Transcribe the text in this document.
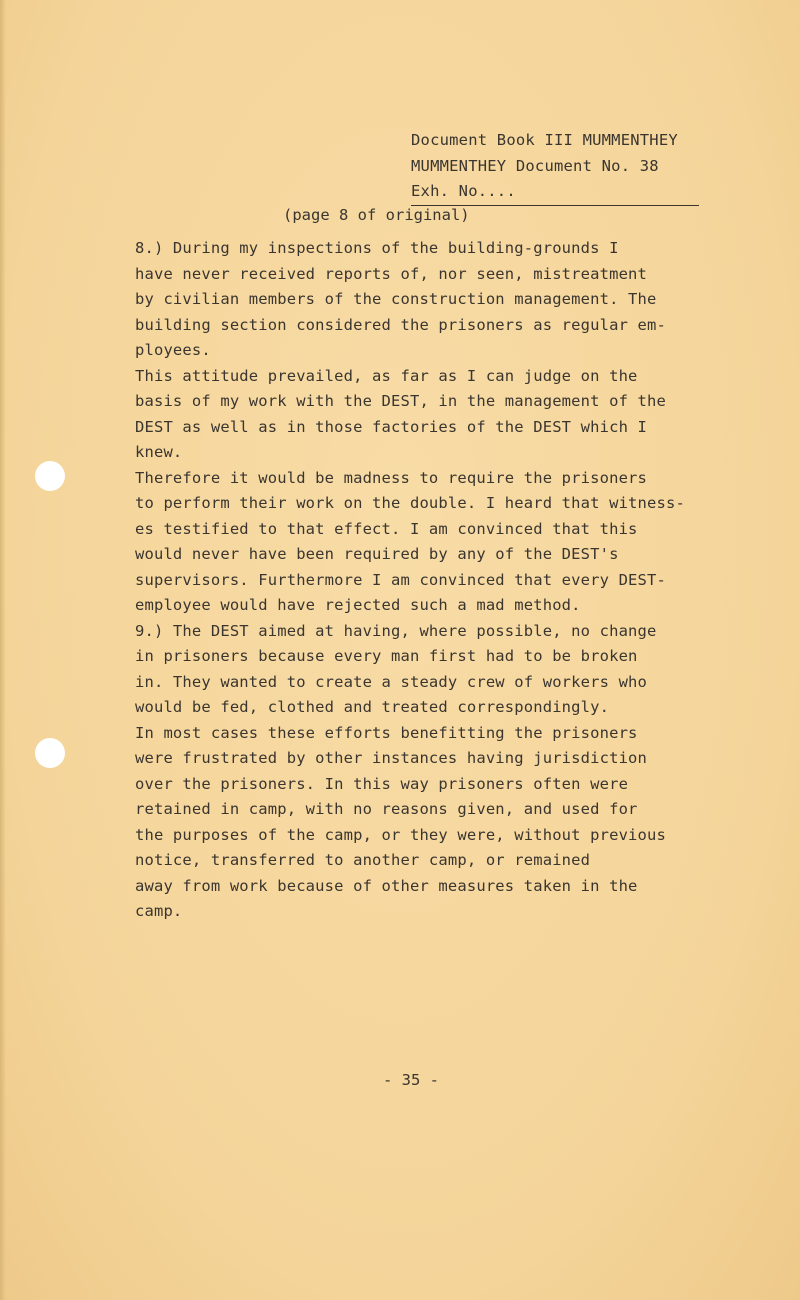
Document Book III MUMMENTHEY
MUMMENTHEY Document No. 38
Exh. No....
(page 8 of original)
8.) During my inspections of the building-grounds I
have never received reports of, nor seen, mistreatment
by civilian members of the construction management. The
building section considered the prisoners as regular em-
ployees.
This attitude prevailed, as far as I can judge on the
basis of my work with the DEST, in the management of the
DEST as well as in those factories of the DEST which I
knew.
Therefore it would be madness to require the prisoners
to perform their work on the double. I heard that witness-
es testified to that effect. I am convinced that this
would never have been required by any of the DEST's
supervisors. Furthermore I am convinced that every DEST-
employee would have rejected such a mad method.
9.) The DEST aimed at having, where possible, no change
in prisoners because every man first had to be broken
in. They wanted to create a steady crew of workers who
would be fed, clothed and treated correspondingly.
In most cases these efforts benefitting the prisoners
were frustrated by other instances having jurisdiction
over the prisoners. In this way prisoners often were
retained in camp, with no reasons given, and used for
the purposes of the camp, or they were, without previous
notice, transferred to another camp, or remained
away from work because of other measures taken in the
camp.
- 35 -
